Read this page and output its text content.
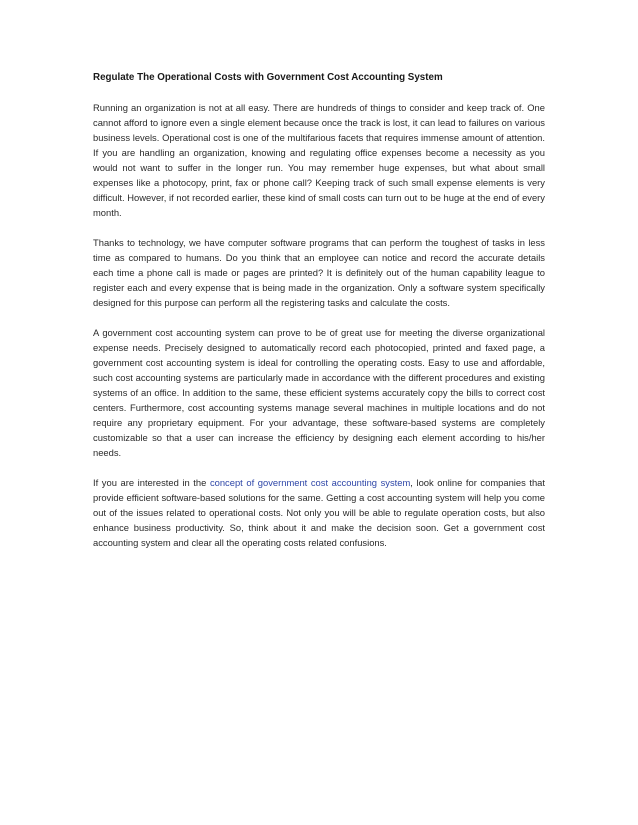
Regulate The Operational Costs with Government Cost Accounting System

Running an organization is not at all easy. There are hundreds of things to consider and keep track of. One cannot afford to ignore even a single element because once the track is lost, it can lead to failures on various business levels. Operational cost is one of the multifarious facets that requires immense amount of attention. If you are handling an organization, knowing and regulating office expenses become a necessity as you would not want to suffer in the longer run. You may remember huge expenses, but what about small expenses like a photocopy, print, fax or phone call? Keeping track of such small expense elements is very difficult. However, if not recorded earlier, these kind of small costs can turn out to be huge at the end of every month.

Thanks to technology, we have computer software programs that can perform the toughest of tasks in less time as compared to humans. Do you think that an employee can notice and record the accurate details each time a phone call is made or pages are printed? It is definitely out of the human capability league to register each and every expense that is being made in the organization. Only a software system specifically designed for this purpose can perform all the registering tasks and calculate the costs.

A government cost accounting system can prove to be of great use for meeting the diverse organizational expense needs. Precisely designed to automatically record each photocopied, printed and faxed page, a government cost accounting system is ideal for controlling the operating costs. Easy to use and affordable, such cost accounting systems are particularly made in accordance with the different procedures and existing systems of an office. In addition to the same, these efficient systems accurately copy the bills to correct cost centers. Furthermore, cost accounting systems manage several machines in multiple locations and do not require any proprietary equipment. For your advantage, these software-based systems are completely customizable so that a user can increase the efficiency by designing each element according to his/her needs.

If you are interested in the concept of government cost accounting system, look online for companies that provide efficient software-based solutions for the same. Getting a cost accounting system will help you come out of the issues related to operational costs. Not only you will be able to regulate operation costs, but also enhance business productivity. So, think about it and make the decision soon. Get a government cost accounting system and clear all the operating costs related confusions.
